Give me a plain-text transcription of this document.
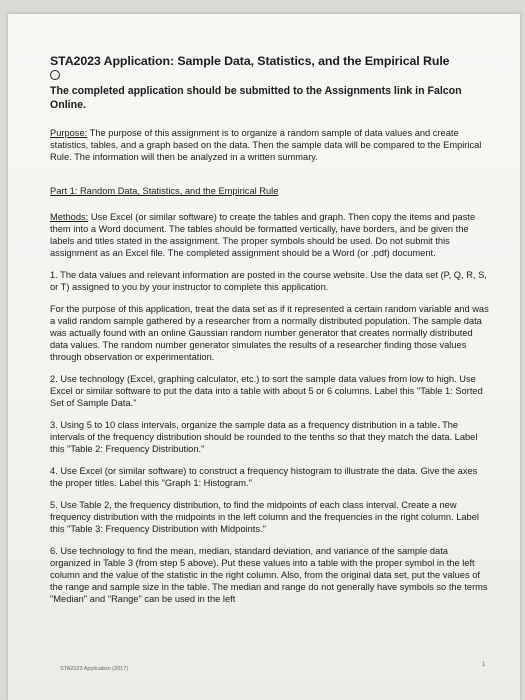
STA2023 Application: Sample Data, Statistics, and the Empirical Rule
The completed application should be submitted to the Assignments link in Falcon Online.

Purpose: The purpose of this assignment is to organize a random sample of data values and create statistics, tables, and a graph based on the data. Then the sample data will be compared to the Empirical Rule. The information will then be analyzed in a written summary.

Part 1: Random Data, Statistics, and the Empirical Rule

Methods: Use Excel (or similar software) to create the tables and graph. Then copy the items and paste them into a Word document. The tables should be formatted vertically, have borders, and be given the labels and titles stated in the assignment. The proper symbols should be used. Do not submit this assignment as an Excel file. The completed assignment should be a Word (or .pdf) document.

1. The data values and relevant information are posted in the course website. Use the data set (P, Q, R, S, or T) assigned to you by your instructor to complete this application.

For the purpose of this application, treat the data set as if it represented a certain random variable and was a valid random sample gathered by a researcher from a normally distributed population. The sample data was actually found with an online Gaussian random number generator that creates normally distributed data values. The random number generator simulates the results of a researcher finding those values through observation or experimentation.

2. Use technology (Excel, graphing calculator, etc.) to sort the sample data values from low to high. Use Excel or similar software to put the data into a table with about 5 or 6 columns. Label this "Table 1: Sorted Set of Sample Data."

3. Using 5 to 10 class intervals, organize the sample data as a frequency distribution in a table. The intervals of the frequency distribution should be rounded to the tenths so that they match the data. Label this "Table 2: Frequency Distribution."

4. Use Excel (or similar software) to construct a frequency histogram to illustrate the data. Give the axes the proper titles. Label this "Graph 1: Histogram."

5. Use Table 2, the frequency distribution, to find the midpoints of each class interval. Create a new frequency distribution with the midpoints in the left column and the frequencies in the right column. Label this "Table 3: Frequency Distribution with Midpoints."

6. Use technology to find the mean, median, standard deviation, and variance of the sample data organized in Table 3 (from step 5 above). Put these values into a table with the proper symbol in the left column and the value of the statistic in the right column. Also, from the original data set, put the values of the range and sample size in the table. The median and range do not generally have symbols so the terms "Median" and "Range" can be used in the left

STA2023 Application (2017)
1
